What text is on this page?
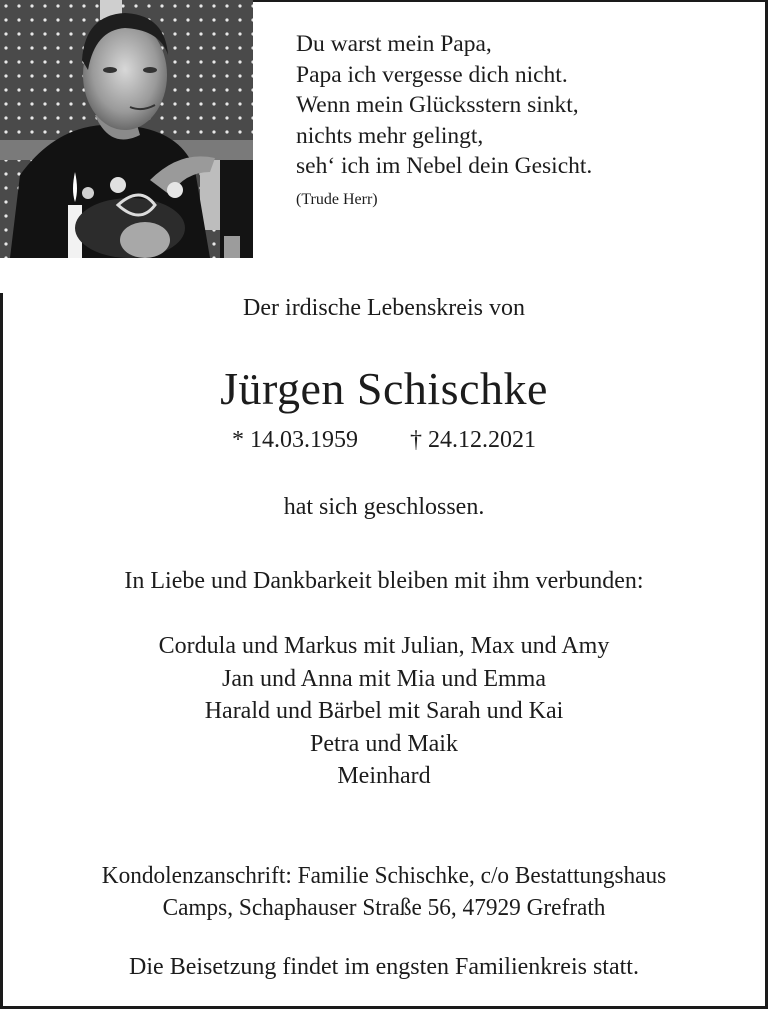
Du warst mein Papa,
Papa ich vergesse dich nicht.
Wenn mein Glücksstern sinkt,
nichts mehr gelingt,
seh‘ ich im Nebel dein Gesicht.
(Trude Herr)
Der irdische Lebenskreis von
Jürgen Schischke
* 14.03.1959 † 24.12.2021
hat sich geschlossen.
In Liebe und Dankbarkeit bleiben mit ihm verbunden:
Cordula und Markus mit Julian, Max und Amy
Jan und Anna mit Mia und Emma
Harald und Bärbel mit Sarah und Kai
Petra und Maik
Meinhard
Kondolenzanschrift: Familie Schischke, c/o Bestattungshaus
Camps, Schaphauser Straße 56, 47929 Grefrath
Die Beisetzung findet im engsten Familienkreis statt.
